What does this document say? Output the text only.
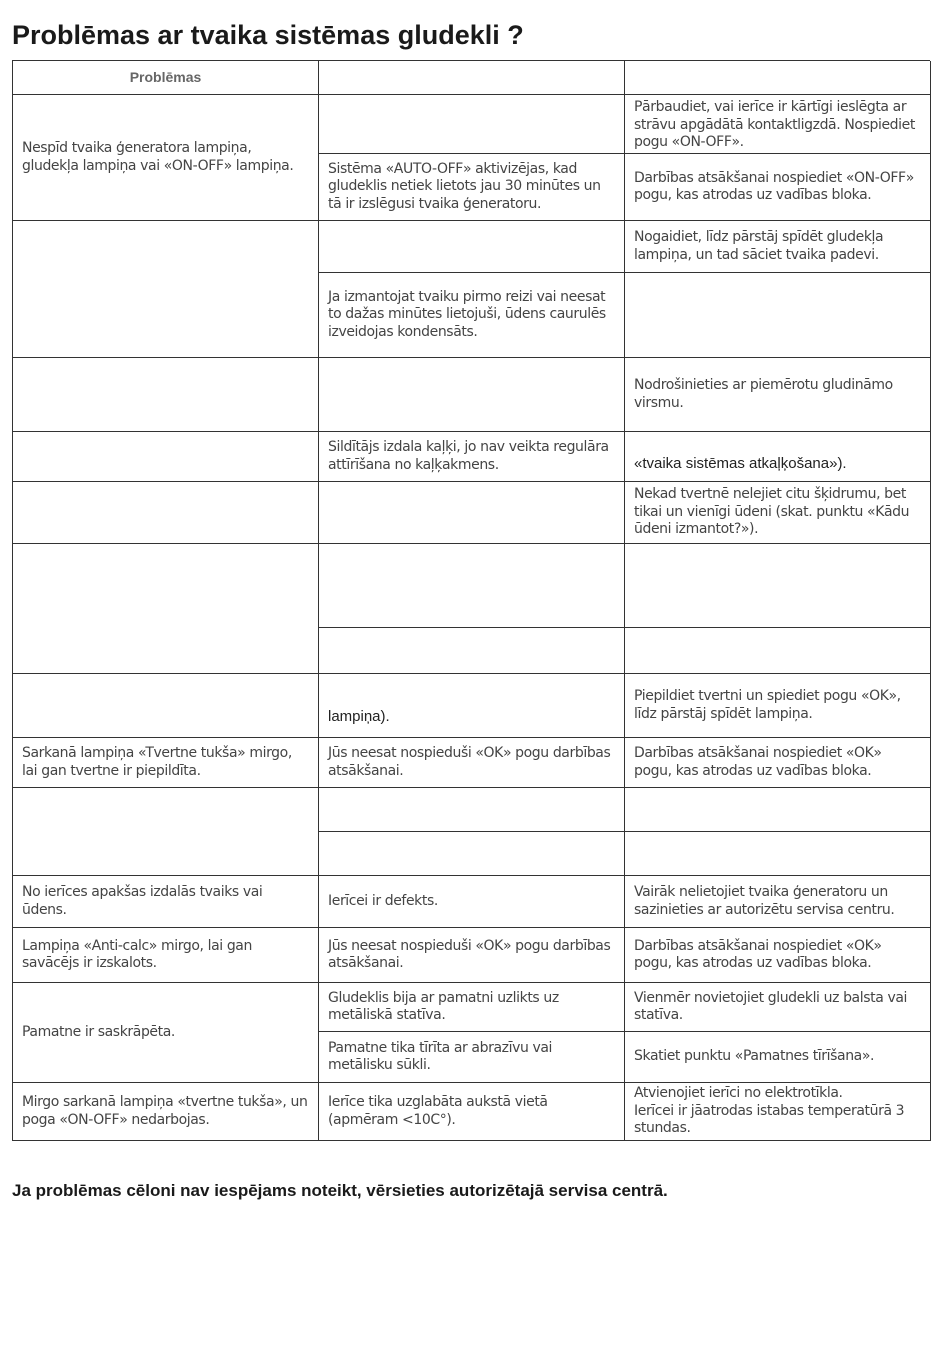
Problēmas ar tvaika sistēmas gludekli ?
Problēmas
Nespīd tvaika ģeneratora lampiņa, gludekļa lampiņa vai «ON-OFF» lampiņa.
Pārbaudiet, vai ierīce ir kārtīgi ieslēgta ar strāvu apgādātā kontaktligzdā. Nospiediet pogu «ON-OFF».
Sistēma «AUTO-OFF» aktivizējas, kad gludeklis netiek lietots jau 30 minūtes un tā ir izslēgusi tvaika ģeneratoru.
Darbības atsākšanai nospiediet «ON-OFF» pogu, kas atrodas uz vadības bloka.
Nogaidiet, līdz pārstāj spīdēt gludekļa lampiņa, un tad sāciet tvaika padevi.
Ja izmantojat tvaiku pirmo reizi vai neesat to dažas minūtes lietojuši, ūdens caurulēs izveidojas kondensāts.
Nodrošinieties ar piemērotu gludināmo virsmu.
Sildītājs izdala kaļķi, jo nav veikta regulāra attīrīšana no kaļķakmens.	«tvaika sistēmas atkaļķošana»).
Nekad tvertnē nelejiet citu šķidrumu, bet tikai un vienīgi ūdeni (skat. punktu «Kādu ūdeni izmantot?»).
lampiņa).
Piepildiet tvertni un spiediet pogu «OK», līdz pārstāj spīdēt lampiņa.
Sarkanā lampiņa «Tvertne tukša» mirgo, lai gan tvertne ir piepildīta.
Jūs neesat nospieduši «OK» pogu darbības atsākšanai.
Darbības atsākšanai nospiediet «OK» pogu, kas atrodas uz vadības bloka.
No ierīces apakšas izdalās tvaiks vai ūdens.
Ierīcei ir defekts.
Vairāk nelietojiet tvaika ģeneratoru un sazinieties ar autorizētu servisa centru.
Lampiņa «Anti-calc» mirgo, lai gan savācējs ir izskalots.
Jūs neesat nospieduši «OK» pogu darbības atsākšanai.
Darbības atsākšanai nospiediet «OK» pogu, kas atrodas uz vadības bloka.
Pamatne ir saskrāpēta.
Gludeklis bija ar pamatni uzlikts uz metāliskā statīva.
Vienmēr novietojiet gludekli uz balsta vai statīva.
Pamatne tika tīrīta ar abrazīvu vai metālisku sūkli.
Skatiet punktu «Pamatnes tīrīšana».
Mirgo sarkanā lampiņa «tvertne tukša», un poga «ON-OFF» nedarbojas.
Ierīce tika uzglabāta aukstā vietā (apmēram <10C°).
Atvienojiet ierīci no elektrotīkla.
Ierīcei ir jāatrodas istabas temperatūrā 3 stundas.
Ja problēmas cēloni nav iespējams noteikt, vērsieties autorizētajā servisa centrā.
